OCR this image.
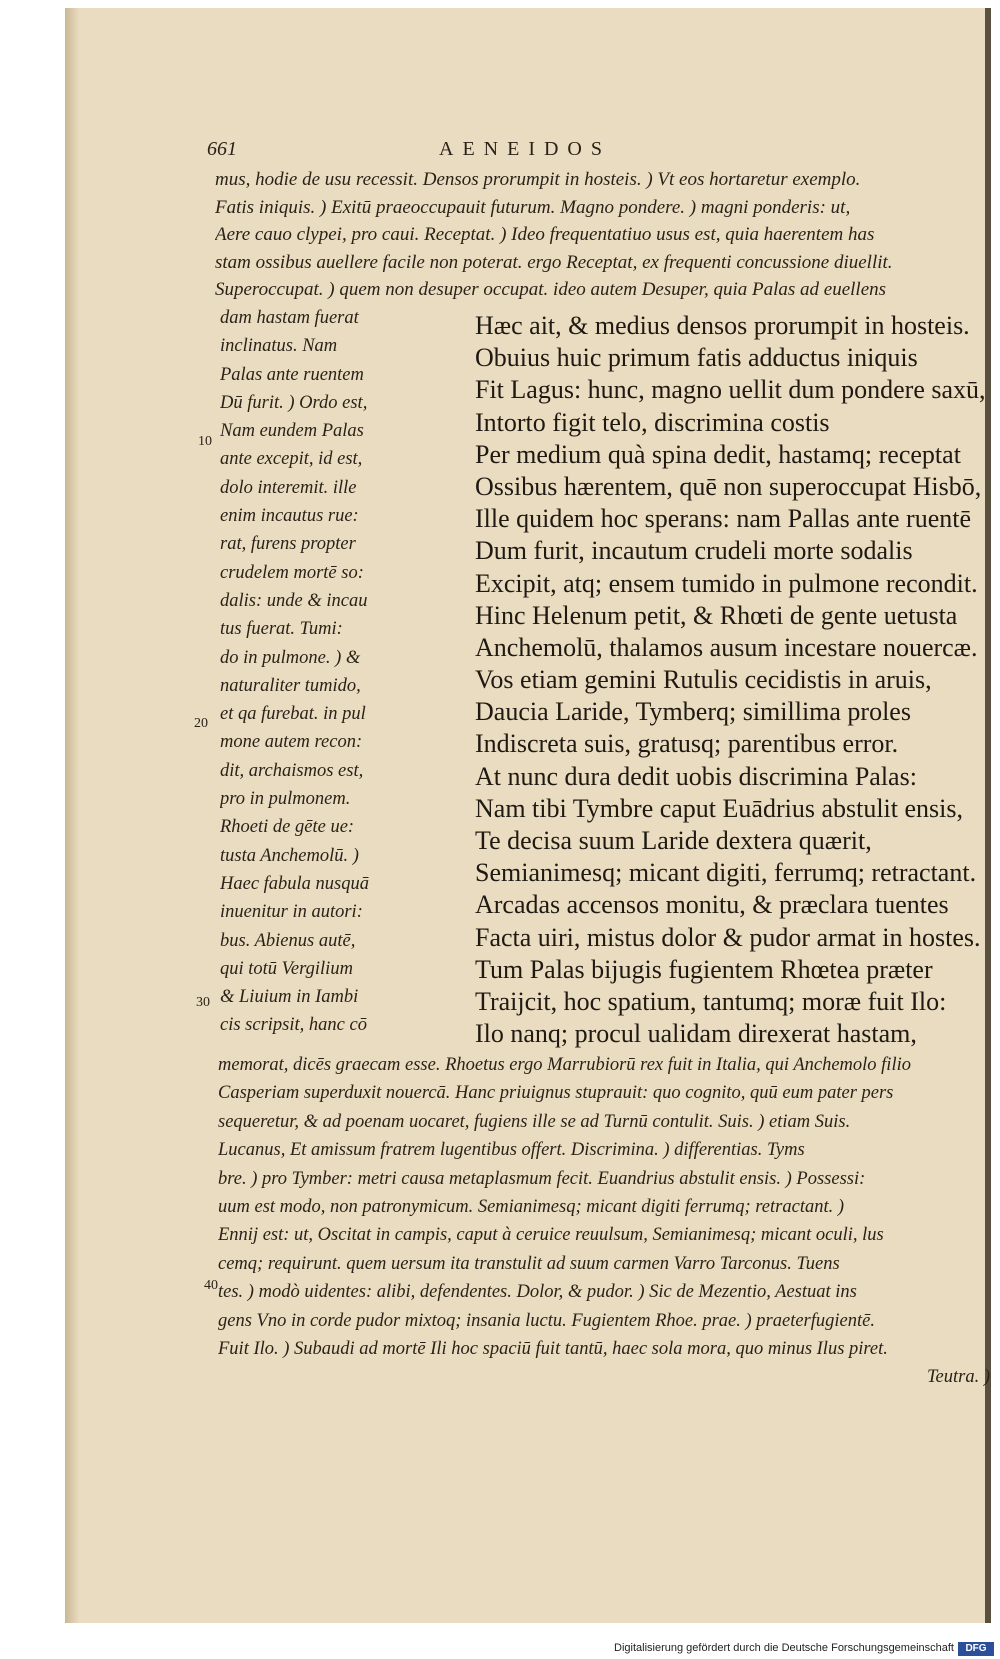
661	AENEIDOS
mus, hodie de usu recessit. Densos prorumpit in hosteis. ) Vt eos hortaretur exemplo.
Fatis iniquis. ) Exitū praeoccupauit futurum. Magno pondere. ) magni ponderis: ut,
Aere cauo clypei, pro caui. Receptat. ) Ideo frequentatiuo usus est, quia haerentem has
stam ossibus auellere facile non poterat. ergo Receptat, ex frequenti concussione diuellit.
Superoccupat. ) quem non desuper occupat. ideo autem Desuper, quia Palas ad euellens
dam hastam fuerat
inclinatus. Nam
Palas ante ruentem
Dū furit. ) Ordo est,
Nam eundem Palas
ante excepit, id est,
dolo interemit. ille
enim incautus rue:
rat, furens propter
crudelem mortē so:
dalis: unde & incau
tus fuerat. Tumi:
do in pulmone. ) &
naturaliter tumido,
et qa furebat. in pul
mone autem recon:
dit, archaismos est,
pro in pulmonem.
Rhoeti de gēte ue:
tusta Anchemolū. )
Haec fabula nusquā
inuenitur in autori:
bus. Abienus autē,
qui totū Vergilium
& Liuium in Iambi
cis scripsit, hanc cō
Hæc ait, & medius densos prorumpit in hosteis.
Obuius huic primum fatis adductus iniquis
Fit Lagus: hunc, magno uellit dum pondere saxū,
Intorto figit telo, discrimina costis
Per medium quà spina dedit, hastamq; receptat
Ossibus hærentem, quē non superoccupat Hisbō,
Ille quidem hoc sperans: nam Pallas ante ruentē
Dum furit, incautum crudeli morte sodalis
Excipit, atq; ensem tumido in pulmone recondit.
Hinc Helenum petit, & Rhœti de gente uetusta
Anchemolū, thalamos ausum incestare nouercæ.
Vos etiam gemini Rutulis cecidistis in aruis,
Daucia Laride, Tymberq; simillima proles
Indiscreta suis, gratusq; parentibus error.
At nunc dura dedit uobis discrimina Palas:
Nam tibi Tymbre caput Euādrius abstulit ensis,
Te decisa suum Laride dextera quærit,
Semianimesq; micant digiti, ferrumq; retractant.
Arcadas accensos monitu, & præclara tuentes
Facta uiri, mistus dolor & pudor armat in hostes.
Tum Palas bijugis fugientem Rhœtea præter
Traijcit, hoc spatium, tantumq; moræ fuit Ilo:
Ilo nanq; procul ualidam direxerat hastam,
10
20
30
40
memorat, dicēs graecam esse. Rhoetus ergo Marrubiorū rex fuit in Italia, qui Anchemolo filio
Casperiam superduxit nouercā. Hanc priuignus stuprauit: quo cognito, quū eum pater pers
sequeretur, & ad poenam uocaret, fugiens ille se ad Turnū contulit. Suis. ) etiam Suis.
Lucanus, Et amissum fratrem lugentibus offert. Discrimina. ) differentias. Tyms
bre. ) pro Tymber: metri causa metaplasmum fecit. Euandrius abstulit ensis. ) Possessi:
uum est modo, non patronymicum. Semianimesq; micant digiti ferrumq; retractant. )
Ennij est: ut, Oscitat in campis, caput à ceruice reuulsum, Semianimesq; micant oculi, lus
cemq; requirunt. quem uersum ita transtulit ad suum carmen Varro Tarconus. Tuens
tes. ) modò uidentes: alibi, defendentes. Dolor, & pudor. ) Sic de Mezentio, Aestuat ins
gens Vno in corde pudor mixtoq; insania luctu. Fugientem Rhoe. prae. ) praeterfugientē.
Fuit Ilo. ) Subaudi ad mortē Ili hoc spaciū fuit tantū, haec sola mora, quo minus Ilus piret.
Teutra. )
Digitalisierung gefördert durch die Deutsche Forschungsgemeinschaft	DFG
